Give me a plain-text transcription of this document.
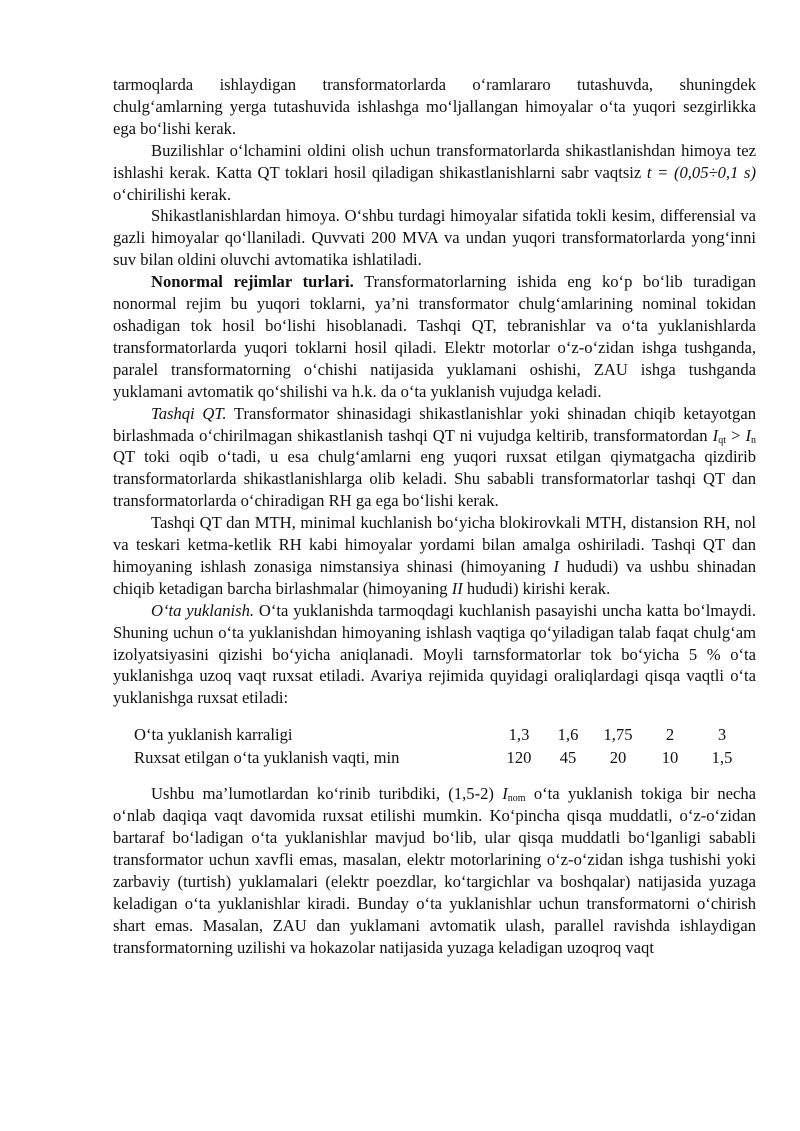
tarmoqlarda ishlaydigan transformatorlarda o‘ramlararo tutashuvda, shuningdek chulg‘amlarning yerga tutashuvida ishlashga mo‘ljallangan himoyalar o‘ta yuqori sezgirlikka ega bo‘lishi kerak.

Buzilishlar o‘lchamini oldini olish uchun transformatorlarda shikastlanishdan himoya tez ishlashi kerak. Katta QT toklari hosil qiladigan shikastlanishlarni sabr vaqtsiz t = (0,05÷0,1 s) o‘chirilishi kerak.

Shikastlanishlardan himoya. O‘shbu turdagi himoyalar sifatida tokli kesim, differensial va gazli himoyalar qo‘llaniladi. Quvvati 200 MVA va undan yuqori transformatorlarda yong‘inni suv bilan oldini oluvchi avtomatika ishlatiladi.

Nonormal rejimlar turlari. Transformatorlarning ishida eng ko‘p bo‘lib turadigan nonormal rejim bu yuqori toklarni, ya’ni transformator chulg‘amlarining nominal tokidan oshadigan tok hosil bo‘lishi hisoblanadi. Tashqi QT, tebranishlar va o‘ta yuklanishlarda transformatorlarda yuqori toklarni hosil qiladi. Elektr motorlar o‘z-o‘zidan ishga tushganda, paralel transformatorning o‘chishi natijasida yuklamani oshishi, ZAU ishga tushganda yuklamani avtomatik qo‘shilishi va h.k. da o‘ta yuklanish vujudga keladi.

Tashqi QT. Transformator shinasidagi shikastlanishlar yoki shinadan chiqib ketayotgan birlashmada o‘chirilmagan shikastlanish tashqi QT ni vujudga keltirib, transformatordan $I_{qt} > I_n$ QT toki oqib o‘tadi, u esa chulg‘amlarni eng yuqori ruxsat etilgan qiymatgacha qizdirib transformatorlarda shikastlanishlarga olib keladi. Shu sababli transformatorlar tashqi QT dan transformatorlarda o‘chiradigan RH ga ega bo‘lishi kerak.

Tashqi QT dan MTH, minimal kuchlanish bo‘yicha blokirovkali MTH, distansion RH, nol va teskari ketma-ketlik RH kabi himoyalar yordami bilan amalga oshiriladi. Tashqi QT dan himoyaning ishlash zonasiga nimstansiya shinasi (himoyaning I hududi) va ushbu shinadan chiqib ketadigan barcha birlashmalar (himoyaning II hududi) kirishi kerak.

O‘ta yuklanish. O‘ta yuklanishda tarmoqdagi kuchlanish pasayishi uncha katta bo‘lmaydi. Shuning uchun o‘ta yuklanishdan himoyaning ishlash vaqtiga qo‘yiladigan talab faqat chulg‘am izolyatsiyasini qizishi bo‘yicha aniqlanadi. Moyli tarnsformatorlar tok bo‘yicha 5 % o‘ta yuklanishga uzoq vaqt ruxsat etiladi. Avariya rejimida quyidagi oraliqlardagi qisqa vaqtli o‘ta yuklanishga ruxsat etiladi:

O‘ta yuklanish karraligi	1,3	1,6	1,75	2	3
Ruxsat etilgan o‘ta yuklanish vaqti, min	120	45	20	10	1,5

Ushbu ma’lumotlardan ko‘rinib turibdiki, (1,5-2) $I_{nom}$ o‘ta yuklanish tokiga bir necha o‘nlab daqiqa vaqt davomida ruxsat etilishi mumkin. Ko‘pincha qisqa muddatli, o‘z-o‘zidan bartaraf bo‘ladigan o‘ta yuklanishlar mavjud bo‘lib, ular qisqa muddatli bo‘lganligi sababli transformator uchun xavfli emas, masalan, elektr motorlarining o‘z-o‘zidan ishga tushishi yoki zarbaviy (turtish) yuklamalari (elektr poezdlar, ko‘targichlar va boshqalar) natijasida yuzaga keladigan o‘ta yuklanishlar kiradi. Bunday o‘ta yuklanishlar uchun transformatorni o‘chirish shart emas. Masalan, ZAU dan yuklamani avtomatik ulash, parallel ravishda ishlaydigan transformatorning uzilishi va hokazolar natijasida yuzaga keladigan uzoqroq vaqt
